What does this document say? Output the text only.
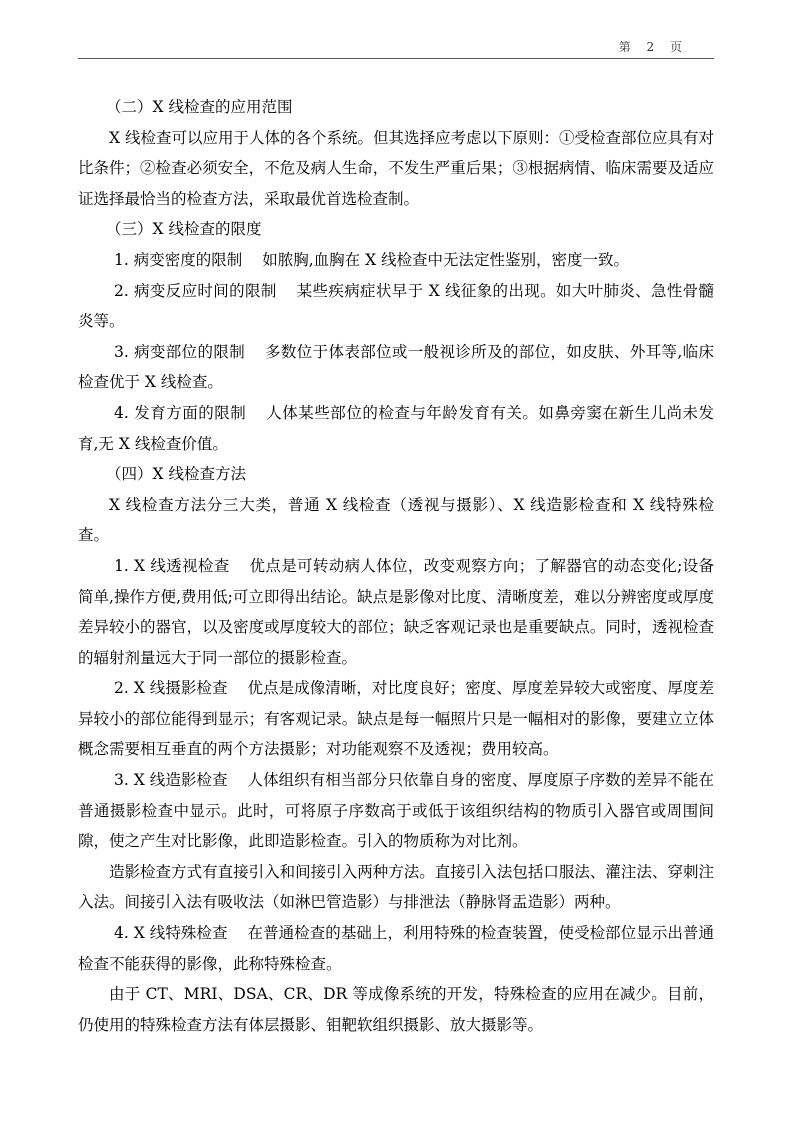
第 2 页

（二）X 线检查的应用范围

X 线检查可以应用于人体的各个系统。但其选择应考虑以下原则：①受检查部位应具有对比条件；②检查必须安全，不危及病人生命，不发生严重后果；③根据病情、临床需要及适应证选择最恰当的检查方法，采取最优首选检查制。

（三）X 线检查的限度

1. 病变密度的限制 如脓胸,血胸在 X 线检查中无法定性鉴别，密度一致。

2. 病变反应时间的限制 某些疾病症状早于 X 线征象的出现。如大叶肺炎、急性骨髓炎等。

3. 病变部位的限制 多数位于体表部位或一般视诊所及的部位，如皮肤、外耳等,临床检查优于 X 线检查。

4. 发育方面的限制 人体某些部位的检查与年龄发育有关。如鼻旁窦在新生儿尚未发育,无 X 线检查价值。

（四）X 线检查方法

X 线检查方法分三大类，普通 X 线检查（透视与摄影）、X 线造影检查和 X 线特殊检查。

1. X 线透视检查 优点是可转动病人体位，改变观察方向；了解器官的动态变化;设备简单,操作方便,费用低;可立即得出结论。缺点是影像对比度、清晰度差，难以分辨密度或厚度差异较小的器官，以及密度或厚度较大的部位；缺乏客观记录也是重要缺点。同时，透视检查的辐射剂量远大于同一部位的摄影检查。

2. X 线摄影检查 优点是成像清晰，对比度良好；密度、厚度差异较大或密度、厚度差异较小的部位能得到显示；有客观记录。缺点是每一幅照片只是一幅相对的影像，要建立立体概念需要相互垂直的两个方法摄影；对功能观察不及透视；费用较高。

3. X 线造影检查 人体组织有相当部分只依靠自身的密度、厚度原子序数的差异不能在普通摄影检查中显示。此时，可将原子序数高于或低于该组织结构的物质引入器官或周围间隙，使之产生对比影像，此即造影检查。引入的物质称为对比剂。

造影检查方式有直接引入和间接引入两种方法。直接引入法包括口服法、灌注法、穿刺注入法。间接引入法有吸收法（如淋巴管造影）与排泄法（静脉肾盂造影）两种。

4. X 线特殊检查 在普通检查的基础上，利用特殊的检查装置，使受检部位显示出普通检查不能获得的影像，此称特殊检查。

由于 CT、MRI、DSA、CR、DR 等成像系统的开发，特殊检查的应用在减少。目前，仍使用的特殊检查方法有体层摄影、钼靶软组织摄影、放大摄影等。
